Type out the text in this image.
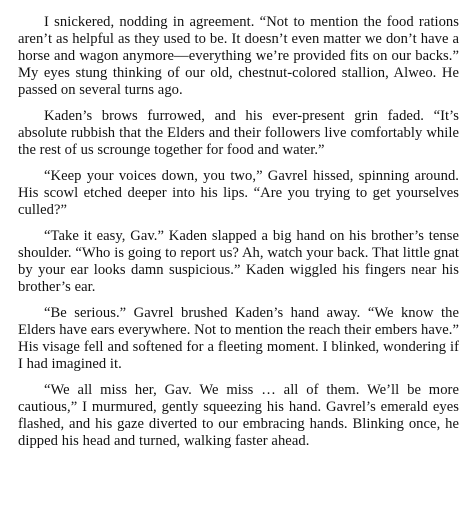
I snickered, nodding in agreement. “Not to mention the food rations aren’t as helpful as they used to be. It doesn’t even matter we don’t have a horse and wagon anymore—everything we’re provided fits on our backs.” My eyes stung thinking of our old, chestnut-colored stallion, Alweo. He passed on several turns ago.

Kaden’s brows furrowed, and his ever-present grin faded. “It’s absolute rubbish that the Elders and their followers live comfortably while the rest of us scrounge together for food and water.”

“Keep your voices down, you two,” Gavrel hissed, spinning around. His scowl etched deeper into his lips. “Are you trying to get yourselves culled?”

“Take it easy, Gav.” Kaden slapped a big hand on his brother’s tense shoulder. “Who is going to report us? Ah, watch your back. That little gnat by your ear looks damn suspicious.” Kaden wiggled his fingers near his brother’s ear.

“Be serious.” Gavrel brushed Kaden’s hand away. “We know the Elders have ears everywhere. Not to mention the reach their embers have.” His visage fell and softened for a fleeting moment. I blinked, wondering if I had imagined it.

“We all miss her, Gav. We miss … all of them. We’ll be more cautious,” I murmured, gently squeezing his hand. Gavrel’s emerald eyes flashed, and his gaze diverted to our embracing hands. Blinking once, he dipped his head and turned, walking faster ahead.
